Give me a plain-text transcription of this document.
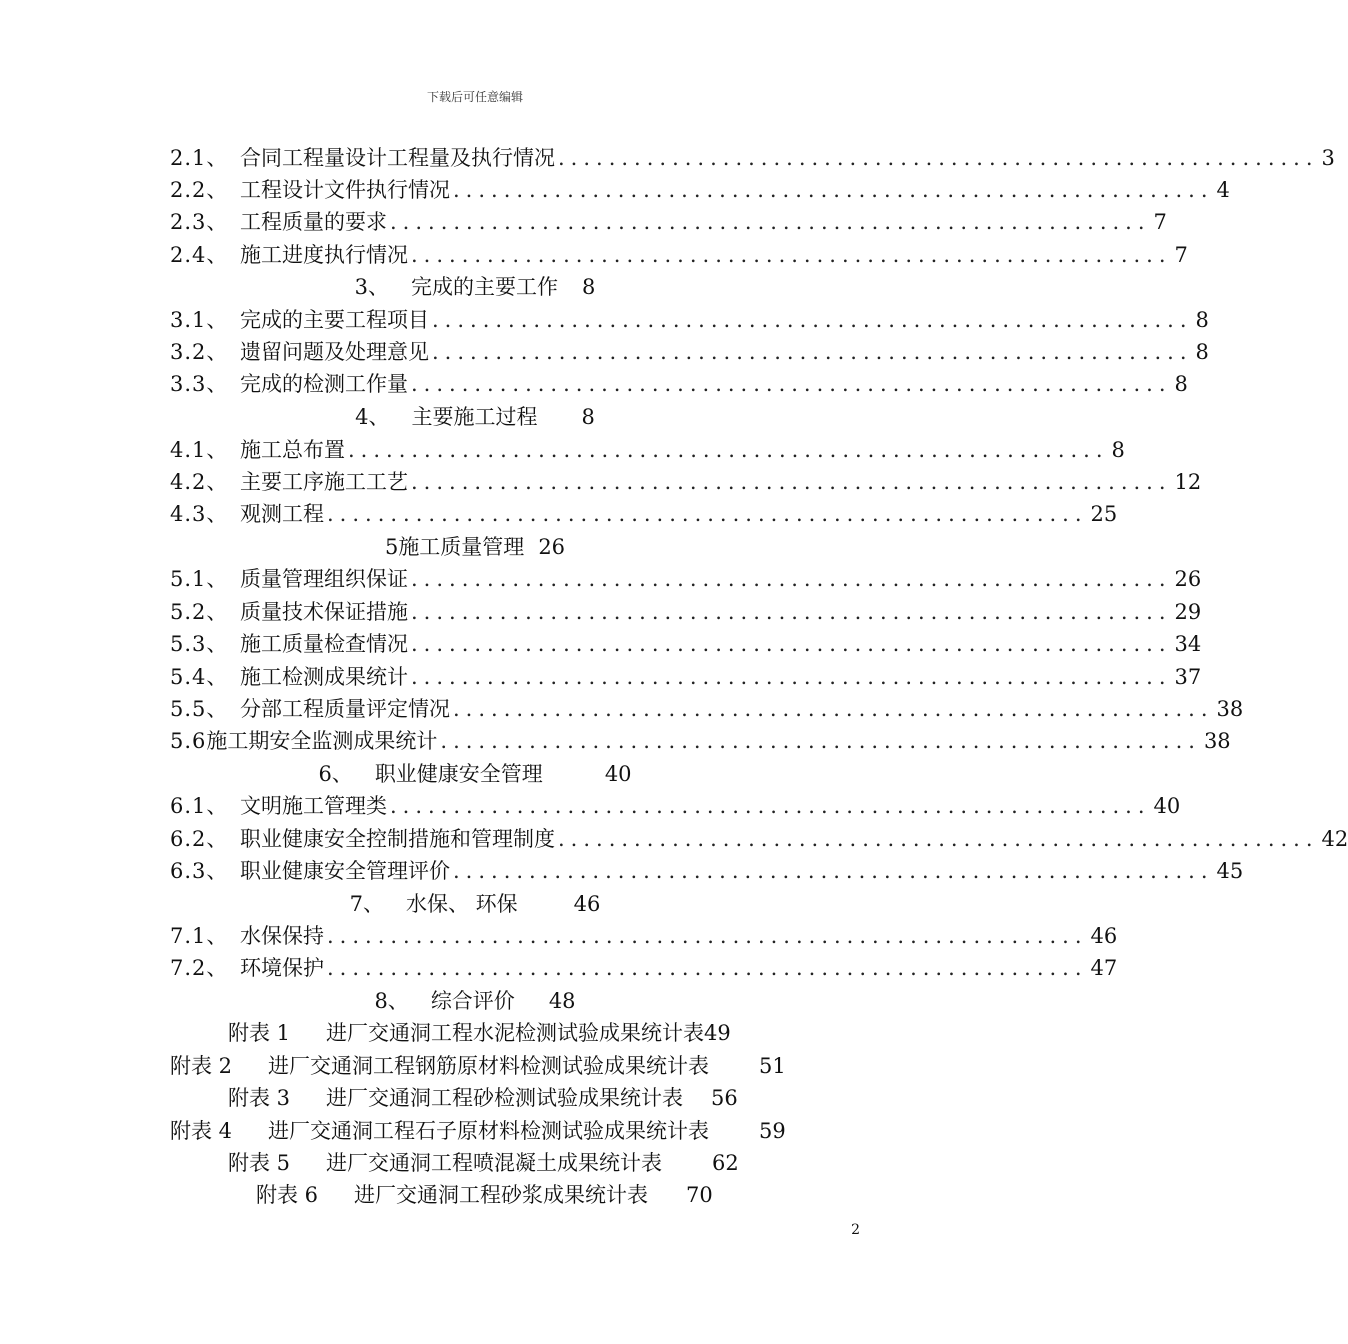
下载后可任意编辑
2.1、 合同工程量设计工程量及执行情况 ............................................................ 3
2.2、 工程设计文件执行情况 ............................................................ 4
2.3、 工程质量的要求 ............................................................ 7
2.4、 施工进度执行情况 ............................................................ 7
3、 完成的主要工作 8
3.1、 完成的主要工程项目 ............................................................ 8
3.2、 遗留问题及处理意见 ............................................................ 8
3.3、 完成的检测工作量 ............................................................ 8
4、 主要施工过程 8
4.1、 施工总布置 ............................................................ 8
4.2、 主要工序施工工艺 ............................................................ 12
4.3、 观测工程 ............................................................ 25
5施工质量管理 26
5.1、 质量管理组织保证 ............................................................ 26
5.2、 质量技术保证措施 ............................................................ 29
5.3、 施工质量检查情况 ............................................................ 34
5.4、 施工检测成果统计 ............................................................ 37
5.5、 分部工程质量评定情况 ............................................................ 38
5.6 施工期安全监测成果统计 ............................................................ 38
6、 职业健康安全管理	40
6.1、 文明施工管理类 ............................................................ 40
6.2、 职业健康安全控制措施和管理制度 ............................................................ 42
6.3、 职业健康安全管理评价 ............................................................ 45
7、 水保、 环保	46
7.1、 水保保持 ............................................................ 46
7.2、 环境保护 ............................................................ 47
8、 综合评价 48
附表 1 进厂交通洞工程水泥检测试验成果统计表 49
附表 2 进厂交通洞工程钢筋原材料检测试验成果统计表 51
附表 3 进厂交通洞工程砂检测试验成果统计表 56
附表 4 进厂交通洞工程石子原材料检测试验成果统计表 59
附表 5 进厂交通洞工程喷混凝土成果统计表 62
附表 6 进厂交通洞工程砂浆成果统计表 70
2
